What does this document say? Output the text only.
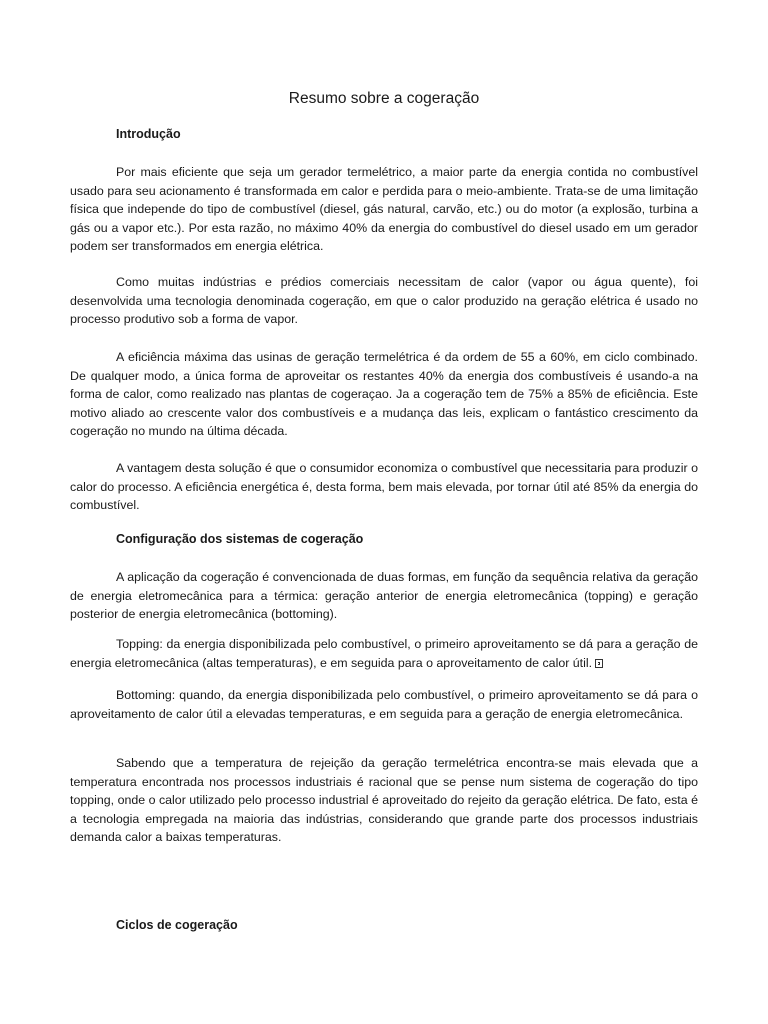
Resumo sobre a cogeração
Introdução

Por mais eficiente que seja um gerador termelétrico, a maior parte da energia contida no combustível usado para seu acionamento é transformada em calor e perdida para o meio-ambiente. Trata-se de uma limitação física que independe do tipo de combustível (diesel, gás natural, carvão, etc.) ou do motor (a explosão, turbina a gás ou a vapor etc.). Por esta razão, no máximo 40% da energia do combustível do diesel usado em um gerador podem ser transformados em energia elétrica.

Como muitas indústrias e prédios comerciais necessitam de calor (vapor ou água quente), foi desenvolvida uma tecnologia denominada cogeração, em que o calor produzido na geração elétrica é usado no processo produtivo sob a forma de vapor.

A eficiência máxima das usinas de geração termelétrica é da ordem de 55 a 60%, em ciclo combinado. De qualquer modo, a única forma de aproveitar os restantes 40% da energia dos combustíveis é usando-a na forma de calor, como realizado nas plantas de cogeraçao. Ja a cogeração tem de 75% a 85% de eficiência. Este motivo aliado ao crescente valor dos combustíveis e a mudança das leis, explicam o fantástico crescimento da cogeração no mundo na última década.

A vantagem desta solução é que o consumidor economiza o combustível que necessitaria para produzir o calor do processo. A eficiência energética é, desta forma, bem mais elevada, por tornar útil até 85% da energia do combustível.

Configuração dos sistemas de cogeração

A aplicação da cogeração é convencionada de duas formas, em função da sequência relativa da geração de energia eletromecânica para a térmica: geração anterior de energia eletromecânica (topping) e geração posterior de energia eletromecânica (bottoming).

Topping: da energia disponibilizada pelo combustível, o primeiro aproveitamento se dá para a geração de energia eletromecânica (altas temperaturas), e em seguida para o aproveitamento de calor útil.

Bottoming: quando, da energia disponibilizada pelo combustível, o primeiro aproveitamento se dá para o aproveitamento de calor útil a elevadas temperaturas, e em seguida para a geração de energia eletromecânica.

Sabendo que a temperatura de rejeição da geração termelétrica encontra-se mais elevada que a temperatura encontrada nos processos industriais é racional que se pense num sistema de cogeração do tipo topping, onde o calor utilizado pelo processo industrial é aproveitado do rejeito da geração elétrica. De fato, esta é a tecnologia empregada na maioria das indústrias, considerando que grande parte dos processos industriais demanda calor a baixas temperaturas.

Ciclos de cogeração
